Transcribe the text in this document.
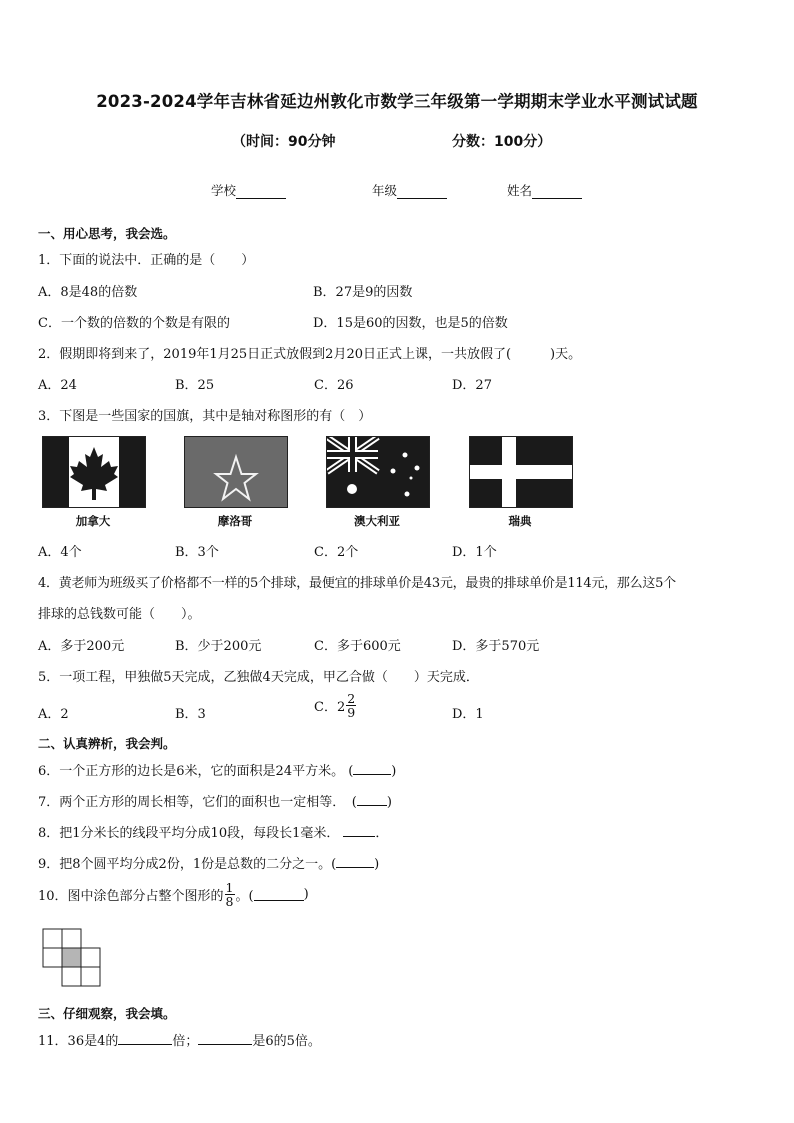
2023-2024学年吉林省延边州敦化市数学三年级第一学期期末学业水平测试试题
（时间：90分钟	分数：100分）
学校	年级	姓名
一、用心思考，我会选。
1．下面的说法中．正确的是（　　）
A．8是48的倍数	B．27是9的因数
C．一个数的倍数的个数是有限的	D．15是60的因数，也是5的倍数
2．假期即将到来了，2019年1月25日正式放假到2月20日正式上课，一共放假了(　　　)天。
A．24	B．25	C．26	D．27
3．下图是一些国家的国旗，其中是轴对称图形的有（　）
加拿大	摩洛哥	澳大利亚	瑞典
A．4个	B．3个	C．2个	D．1个
4．黄老师为班级买了价格都不一样的5个排球，最便宜的排球单价是43元，最贵的排球单价是114元，那么这5个
排球的总钱数可能（　　）。
A．多于200元	B．少于200元	C．多于600元	D．多于570元
5．一项工程，甲独做5天完成，乙独做4天完成，甲乙合做（　　）天完成．
A．2	B．3	C．$2 \frac{2}{9}$	D．1
二、认真辨析，我会判。
6．一个正方形的边长是6米，它的面积是24平方米。 (	)
7．两个正方形的周长相等，它们的面积也一定相等．　( )
8．把1分米长的线段平均分成10段，每段长1毫米．	．
9．把8个圆平均分成2份，1份是总数的二分之一。(	)
10．图中涂色部分占整个图形的 $\frac{1}{8}$ 。(	)
三、仔细观察，我会填。
11．36是4的	倍；	是6的5倍。
